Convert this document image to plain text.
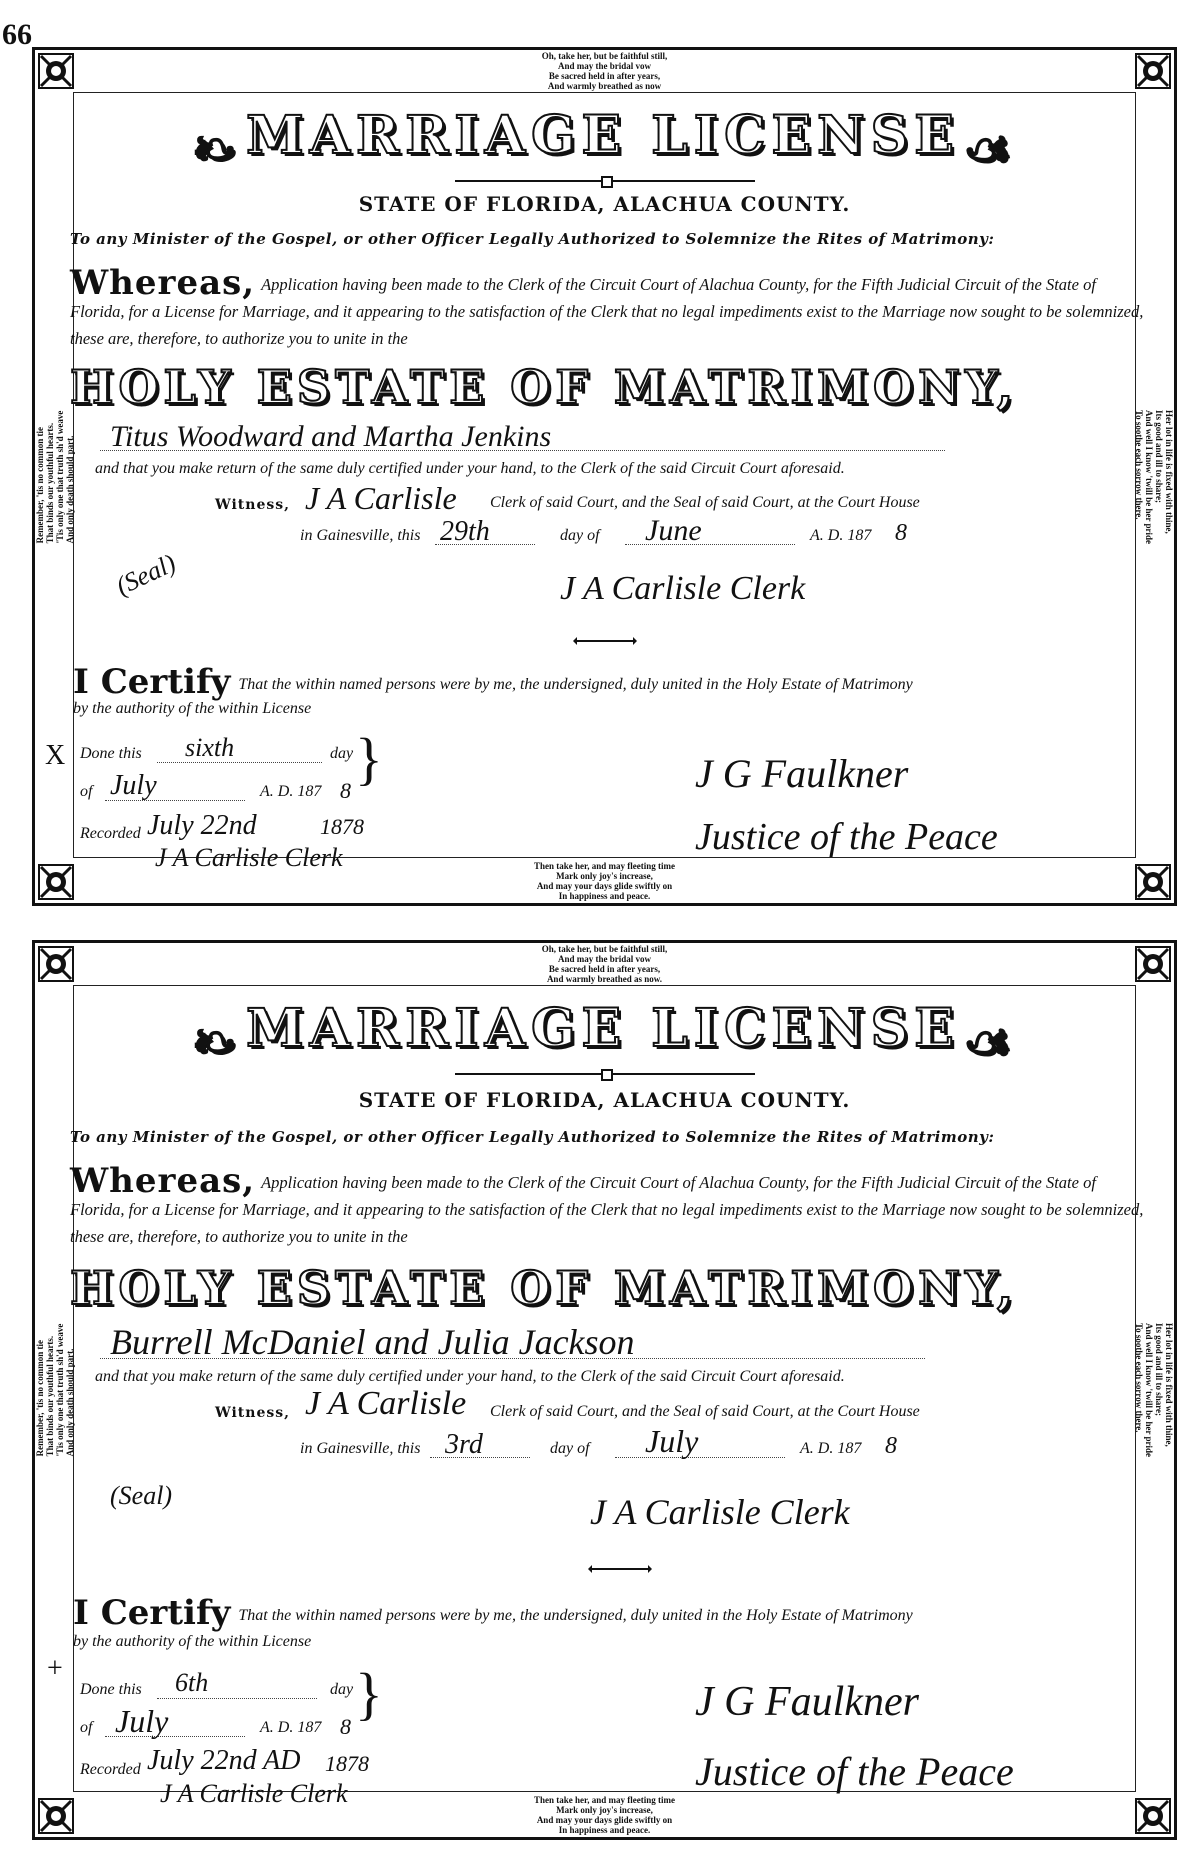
66
Oh, take her, but be faithful still,
And may the bridal vow
Be sacred held in after years,
And warmly breathed as now
Then take her, and may fleeting time
Mark only joy's increase,
And may your days glide swiftly on
In happiness and peace.
Remember, 'tis no common tie That binds our youthful hearts. 'Tis only one that truth sh'd weave And only death should part.	Her lot in life is fixed with thine,
Its good and ill to share;
And well I know 'twill be her pride
To soothe each sorrow there.
❧ MARRIAGE LICENSE ☙
STATE OF FLORIDA, ALACHUA COUNTY.
To any Minister of the Gospel, or other Officer Legally Authorized to Solemnize the Rites of Matrimony:
Whereas, Application having been made to the Clerk of the Circuit Court of Alachua County, for the Fifth Judicial Circuit of the State of Florida, for a License for Marriage, and it appearing to the satisfaction of the Clerk that no legal impediments exist to the Marriage now sought to be solemnized, these are, therefore, to authorize you to unite in the
HOLY ESTATE OF MATRIMONY,
Titus Woodward and Martha Jenkins
and that you make return of the same duly certified under your hand, to the Clerk of the said Circuit Court aforesaid.
Witness, J A Carlisle Clerk of said Court, and the Seal of said Court, at the Court House
in Gainesville, this 29th	day of June	A. D. 187 8
(Seal)	J A Carlisle Clerk
I Certify That the within named persons were by me, the undersigned, duly united in the Holy Estate of Matrimony
by the authority of the within License
X Done this sixth	day
of July	A. D. 187 8 }
Recorded July 22nd	1878
J A Carlisle Clerk
J G Faulkner
Justice of the Peace
Oh, take her, but be faithful still,
And may the bridal vow
Be sacred held in after years,
And warmly breathed as now.
Then take her, and may fleeting time
Mark only joy's increase,
And may your days glide swiftly on
In happiness and peace.
Remember, 'tis no common tie That binds our youthful hearts. 'Tis only one that truth sh'd weave And only death should part.	Her lot in life is fixed with thine,
Its good and ill to share;
And well I know 'twill be her pride
To soothe each sorrow there.
❧ MARRIAGE LICENSE ☙
STATE OF FLORIDA, ALACHUA COUNTY.
To any Minister of the Gospel, or other Officer Legally Authorized to Solemnize the Rites of Matrimony:
Whereas, Application having been made to the Clerk of the Circuit Court of Alachua County, for the Fifth Judicial Circuit of the State of Florida, for a License for Marriage, and it appearing to the satisfaction of the Clerk that no legal impediments exist to the Marriage now sought to be solemnized, these are, therefore, to authorize you to unite in the
HOLY ESTATE OF MATRIMONY,
Burrell McDaniel and Julia Jackson
and that you make return of the same duly certified under your hand, to the Clerk of the said Circuit Court aforesaid.
Witness, J A Carlisle Clerk of said Court, and the Seal of said Court, at the Court House
in Gainesville, this 3rd	day of July	A. D. 187 8
(Seal)	J A Carlisle Clerk
I Certify That the within named persons were by me, the undersigned, duly united in the Holy Estate of Matrimony
by the authority of the within License
+
Done this 6th	day
of July	A. D. 187 8
}
Recorded July 22nd AD 1878
J A Carlisle Clerk
J G Faulkner
Justice of the Peace
